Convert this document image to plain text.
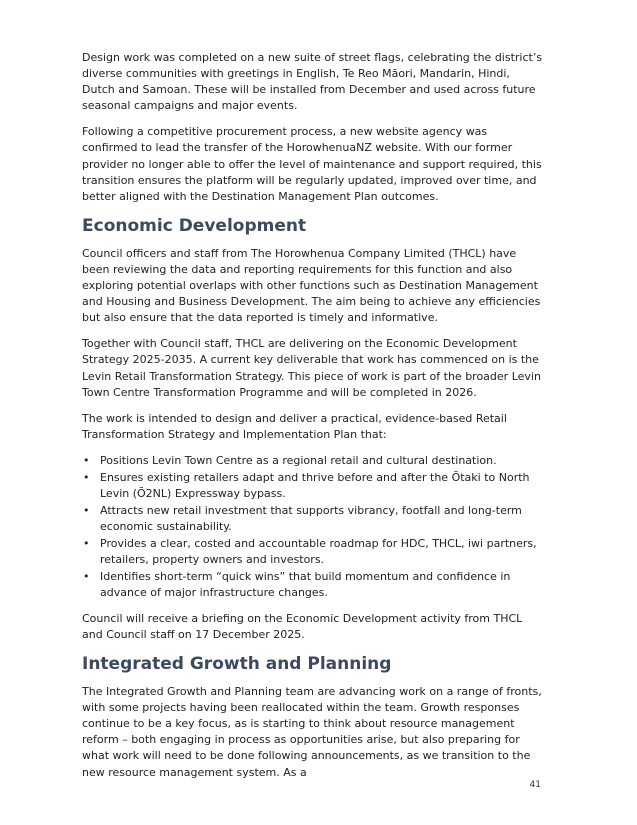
Design work was completed on a new suite of street flags, celebrating the district’s diverse communities with greetings in English, Te Reo Māori, Mandarin, Hindi, Dutch and Samoan. These will be installed from December and used across future seasonal campaigns and major events.

Following a competitive procurement process, a new website agency was confirmed to lead the transfer of the HorowhenuaNZ website. With our former provider no longer able to offer the level of maintenance and support required, this transition ensures the platform will be regularly updated, improved over time, and better aligned with the Destination Management Plan outcomes.

Economic Development

Council officers and staff from The Horowhenua Company Limited (THCL) have been reviewing the data and reporting requirements for this function and also exploring potential overlaps with other functions such as Destination Management and Housing and Business Development. The aim being to achieve any efficiencies but also ensure that the data reported is timely and informative.

Together with Council staff, THCL are delivering on the Economic Development Strategy 2025-2035. A current key deliverable that work has commenced on is the Levin Retail Transformation Strategy. This piece of work is part of the broader Levin Town Centre Transformation Programme and will be completed in 2026.

The work is intended to design and deliver a practical, evidence-based Retail Transformation Strategy and Implementation Plan that:

• Positions Levin Town Centre as a regional retail and cultural destination.
• Ensures existing retailers adapt and thrive before and after the Ōtaki to North Levin (Ō2NL) Expressway bypass.
• Attracts new retail investment that supports vibrancy, footfall and long-term economic sustainability.
• Provides a clear, costed and accountable roadmap for HDC, THCL, iwi partners, retailers, property owners and investors.
• Identifies short-term “quick wins” that build momentum and confidence in advance of major infrastructure changes.

Council will receive a briefing on the Economic Development activity from THCL and Council staff on 17 December 2025.

Integrated Growth and Planning

The Integrated Growth and Planning team are advancing work on a range of fronts, with some projects having been reallocated within the team. Growth responses continue to be a key focus, as is starting to think about resource management reform – both engaging in process as opportunities arise, but also preparing for what work will need to be done following announcements, as we transition to the new resource management system. As a

41
